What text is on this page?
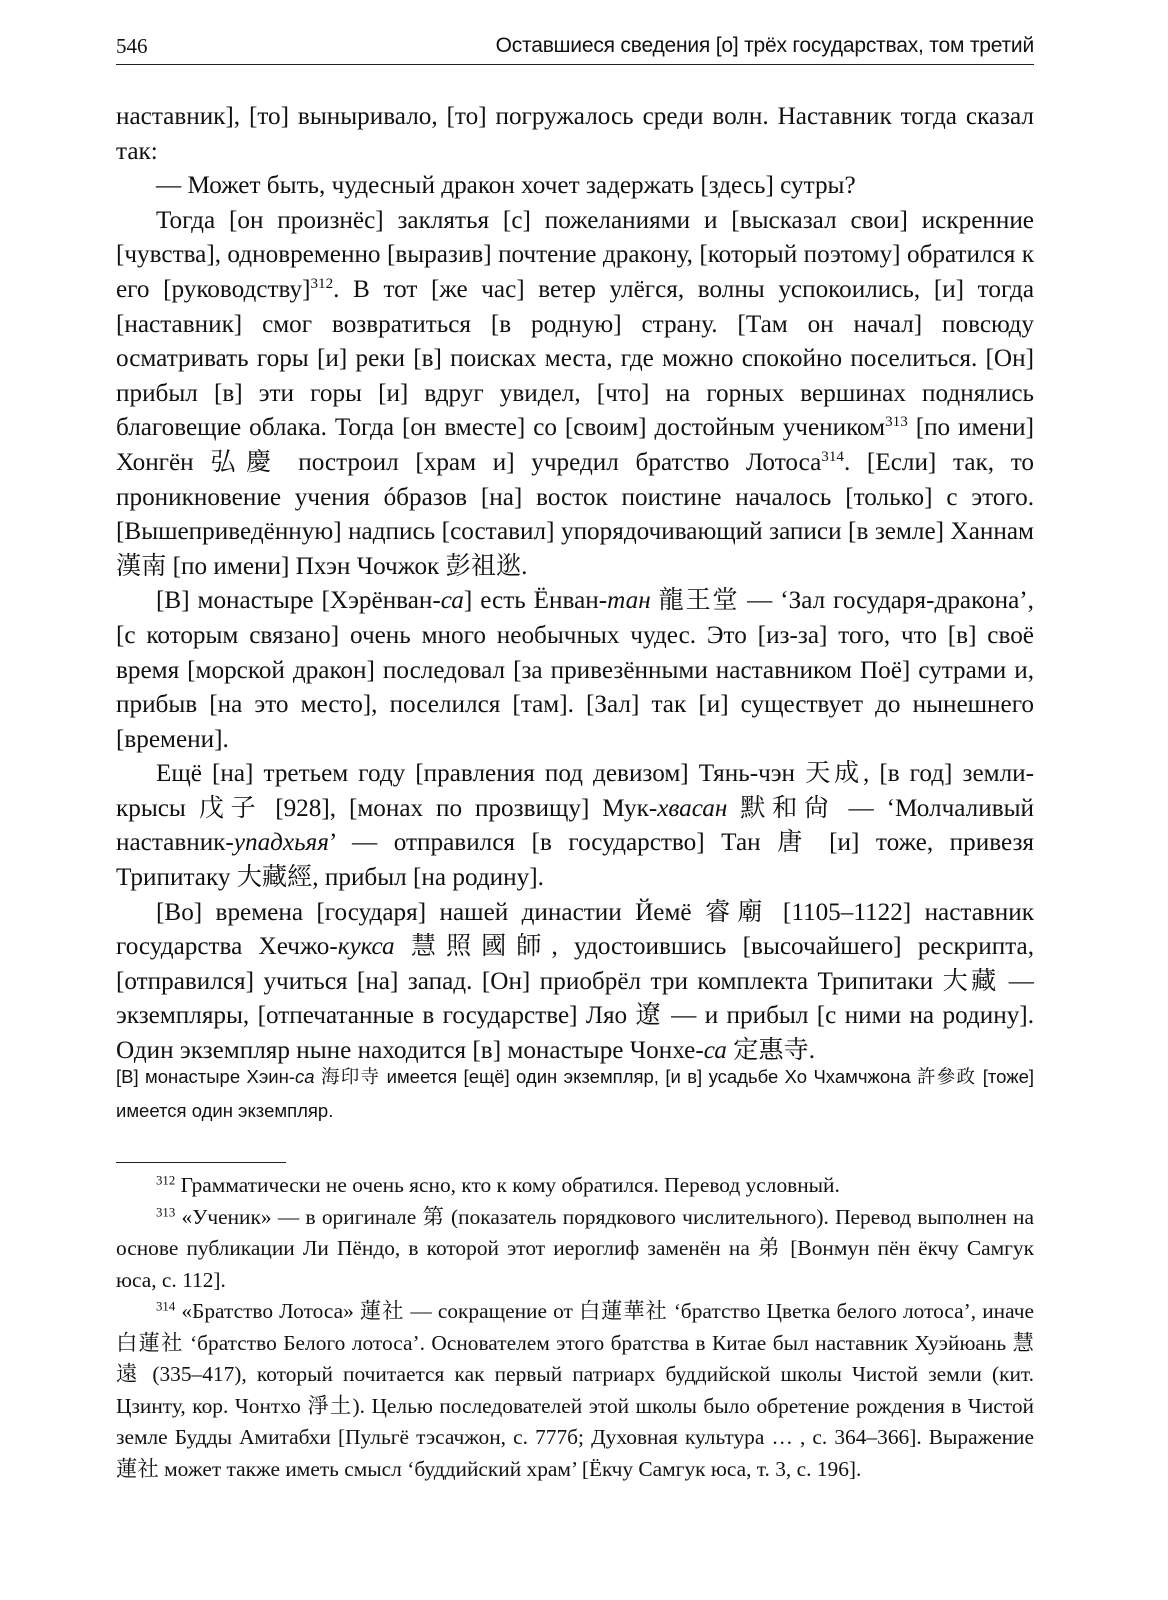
546	Оставшиеся сведения [о] трёх государствах, том третий

наставник], [то] выныривало, [то] погружалось среди волн. Наставник тогда сказал так:

— Может быть, чудесный дракон хочет задержать [здесь] сутры?

Тогда [он произнёс] заклятья [с] пожеланиями и [высказал свои] искренние [чувства], одновременно [выразив] почтение дракону, [который поэтому] обратился к его [руководству]$^{312}$. В тот [же час] ветер улёгся, волны успокоились, [и] тогда [наставник] смог возвратиться [в родную] страну. [Там он начал] повсюду осматривать горы [и] реки [в] поисках места, где можно спокойно поселиться. [Он] прибыл [в] эти горы [и] вдруг увидел, [что] на горных вершинах поднялись благовещие облака. Тогда [он вместе] со [своим] достойным учеником$^{313}$ [по имени] Хонгён 弘慶 построил [храм и] учредил братство Лотоса$^{314}$. [Если] так, то проникновение учения óбразов [на] восток поистине началось [только] с этого. [Вышеприведённую] надпись [составил] упорядочивающий записи [в земле] Ханнам 漢南 [по имени] Пхэн Чочжок 彭祖逖.

[В] монастыре [Хэрёнван-са] есть Ёнван-тан 龍王堂 — ‘Зал государя-дракона’, [с которым связано] очень много необычных чудес. Это [из-за] того, что [в] своё время [морской дракон] последовал [за привезёнными наставником Поё] сутрами и, прибыв [на это место], поселился [там]. [Зал] так [и] существует до нынешнего [времени].

Ещё [на] третьем году [правления под девизом] Тянь-чэн 天成, [в год] земли-крысы 戊子 [928], [монах по прозвищу] Мук-хвасан 默和尙 — ‘Молчаливый наставник-упадхьяя’ — отправился [в государство] Тан 唐 [и] тоже, привезя Трипитаку 大藏經, прибыл [на родину].

[Во] времена [государя] нашей династии Йемё 睿廟 [1105–1122] наставник государства Хечжо-кукса 慧照國師, удостоившись [высочайшего] рескрипта, [отправился] учиться [на] запад. [Он] приобрёл три комплекта Трипитаки 大藏 — экземпляры, [отпечатанные в государстве] Ляо 遼 — и прибыл [с ними на родину]. Один экземпляр ныне находится [в] монастыре Чонхе-са 定惠寺.

[В] монастыре Хэин-са 海印寺 имеется [ещё] один экземпляр, [и в] усадьбе Хо Чхамчжона 許參政 [тоже] имеется один экземпляр.

$^{312}$ Грамматически не очень ясно, кто к кому обратился. Перевод условный.

$^{313}$ «Ученик» — в оригинале 第 (показатель порядкового числительного). Перевод выполнен на основе публикации Ли Пёндо, в которой этот иероглиф заменён на 弟 [Вонмун пён ёкчу Самгук юса, с. 112].

$^{314}$ «Братство Лотоса» 蓮社 — сокращение от 白蓮華社 ‘братство Цветка белого лотоса’, иначе 白蓮社 ‘братство Белого лотоса’. Основателем этого братства в Китае был наставник Хуэйюань 慧遠 (335–417), который почитается как первый патриарх буддийской школы Чистой земли (кит. Цзинту, кор. Чонтхо 淨土). Целью последователей этой школы было обретение рождения в Чистой земле Будды Амитабхи [Пульгё тэсачжон, с. 777б; Духовная культура … , с. 364–366]. Выражение 蓮社 может также иметь смысл ‘буддийский храм’ [Ёкчу Самгук юса, т. 3, с. 196].
